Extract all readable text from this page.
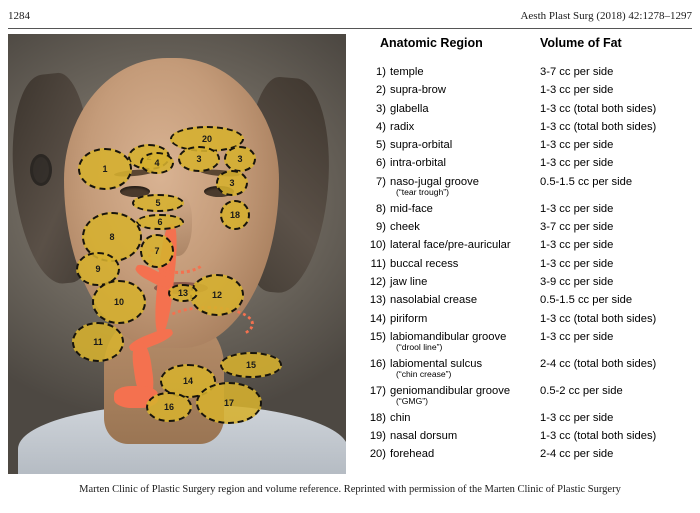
1284	Aesth Plast Surg (2018) 42:1278–1297
20
3	3
1
4
3
5
18
6
7
8
9
10
11
12
13
14
15
16	17
Anatomic Region	Volume of Fat
1) temple	3-7 cc per side
2) supra-brow	1-3 cc per side
3) glabella	1-3 cc (total both sides)
4) radix	1-3 cc (total both sides)
5) supra-orbital	1-3 cc per side
6) intra-orbital	1-3 cc per side
7) naso-jugal groove
(“tear trough”)
0.5-1.5 cc per side
8) mid-face	1-3 cc per side
9) cheek	3-7 cc per side
10) lateral face/pre-auricular	1-3 cc per side
11) buccal recess	1-3 cc per side
12) jaw line	3-9 cc per side
13) nasolabial crease	0.5-1.5 cc per side
14) piriform	1-3 cc (total both sides)
15) labiomandibular groove
(“drool line”)
1-3 cc per side
16) labiomental sulcus
(“chin crease”)
2-4 cc (total both sides)
17) geniomandibular groove
(“GMG”)
0.5-2 cc per side
18) chin	1-3 cc per side
19) nasal dorsum	1-3 cc (total both sides)
20) forehead	2-4 cc per side
Marten Clinic of Plastic Surgery region and volume reference. Reprinted with permission of the Marten Clinic of Plastic Surgery
